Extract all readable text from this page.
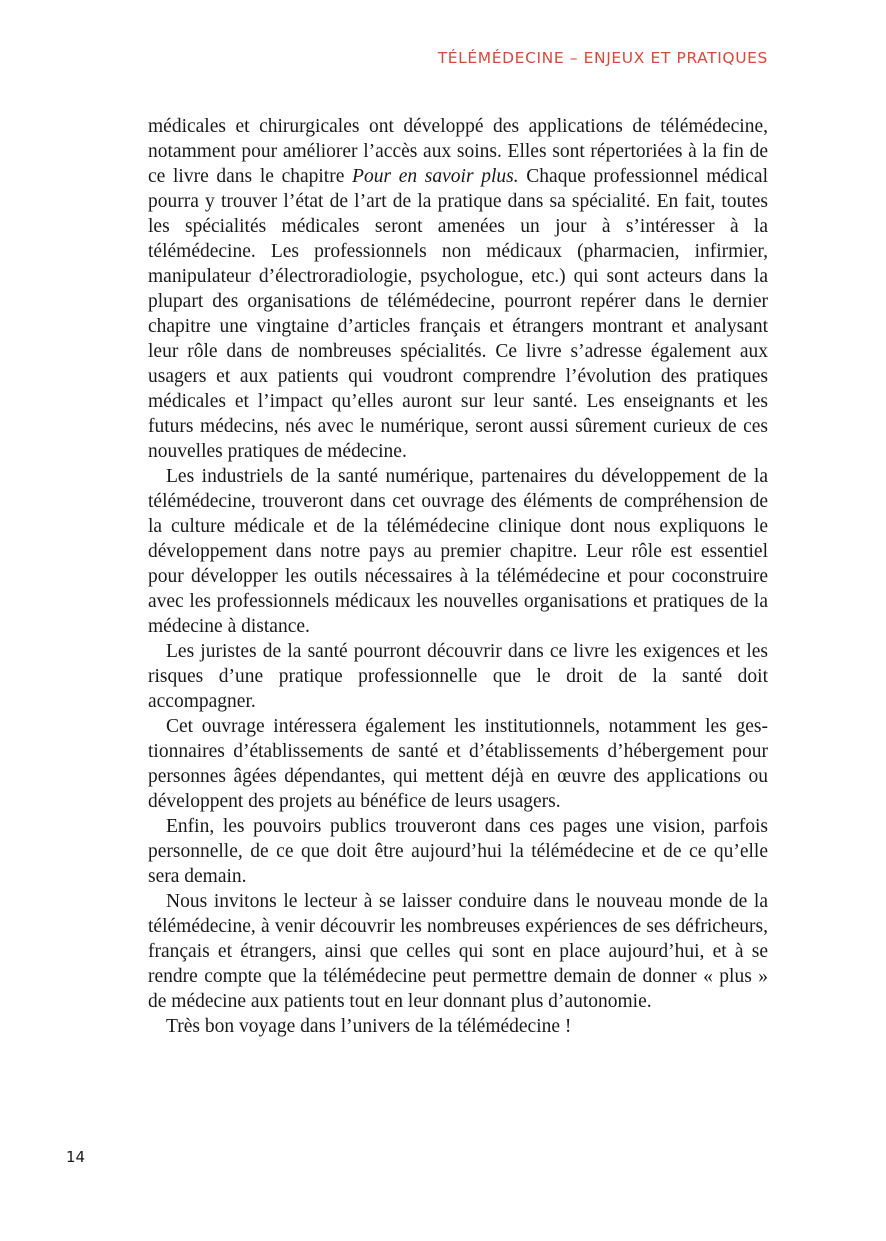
TÉLÉMÉDECINE – ENJEUX ET PRATIQUES

médicales et chirurgicales ont développé des applications de télémédecine, notamment pour améliorer l’accès aux soins. Elles sont répertoriées à la fin de ce livre dans le chapitre Pour en savoir plus. Chaque professionnel médical pourra y trouver l’état de l’art de la pratique dans sa spécialité. En fait, toutes les spécialités médicales seront amenées un jour à s’intéresser à la télémédecine. Les professionnels non médicaux (pharmacien, infirmier, manipulateur d’électroradiologie, psychologue, etc.) qui sont acteurs dans la plupart des organisations de télémédecine, pourront repérer dans le dernier chapitre une vingtaine d’articles français et étrangers montrant et analysant leur rôle dans de nombreuses spécialités. Ce livre s’adresse également aux usagers et aux patients qui voudront comprendre l’évolution des pratiques médicales et l’impact qu’elles auront sur leur santé. Les enseignants et les futurs médecins, nés avec le numérique, seront aussi sûrement curieux de ces nouvelles pratiques de médecine.

Les industriels de la santé numérique, partenaires du développement de la télémédecine, trouveront dans cet ouvrage des éléments de compréhension de la culture médicale et de la télémédecine clinique dont nous expliquons le développement dans notre pays au premier chapitre. Leur rôle est essentiel pour développer les outils nécessaires à la télémédecine et pour coconstruire avec les professionnels médicaux les nouvelles organisations et pratiques de la médecine à distance.

Les juristes de la santé pourront découvrir dans ce livre les exigences et les risques d’une pratique professionnelle que le droit de la santé doit accompagner.

Cet ouvrage intéressera également les institutionnels, notamment les gestionnaires d’établissements de santé et d’établissements d’hébergement pour personnes âgées dépendantes, qui mettent déjà en œuvre des applications ou développent des projets au bénéfice de leurs usagers.

Enfin, les pouvoirs publics trouveront dans ces pages une vision, parfois personnelle, de ce que doit être aujourd’hui la télémédecine et de ce qu’elle sera demain.

Nous invitons le lecteur à se laisser conduire dans le nouveau monde de la télémédecine, à venir découvrir les nombreuses expériences de ses défricheurs, français et étrangers, ainsi que celles qui sont en place aujourd’hui, et à se rendre compte que la télémédecine peut permettre demain de donner « plus » de médecine aux patients tout en leur donnant plus d’autonomie.

Très bon voyage dans l’univers de la télémédecine !

14
